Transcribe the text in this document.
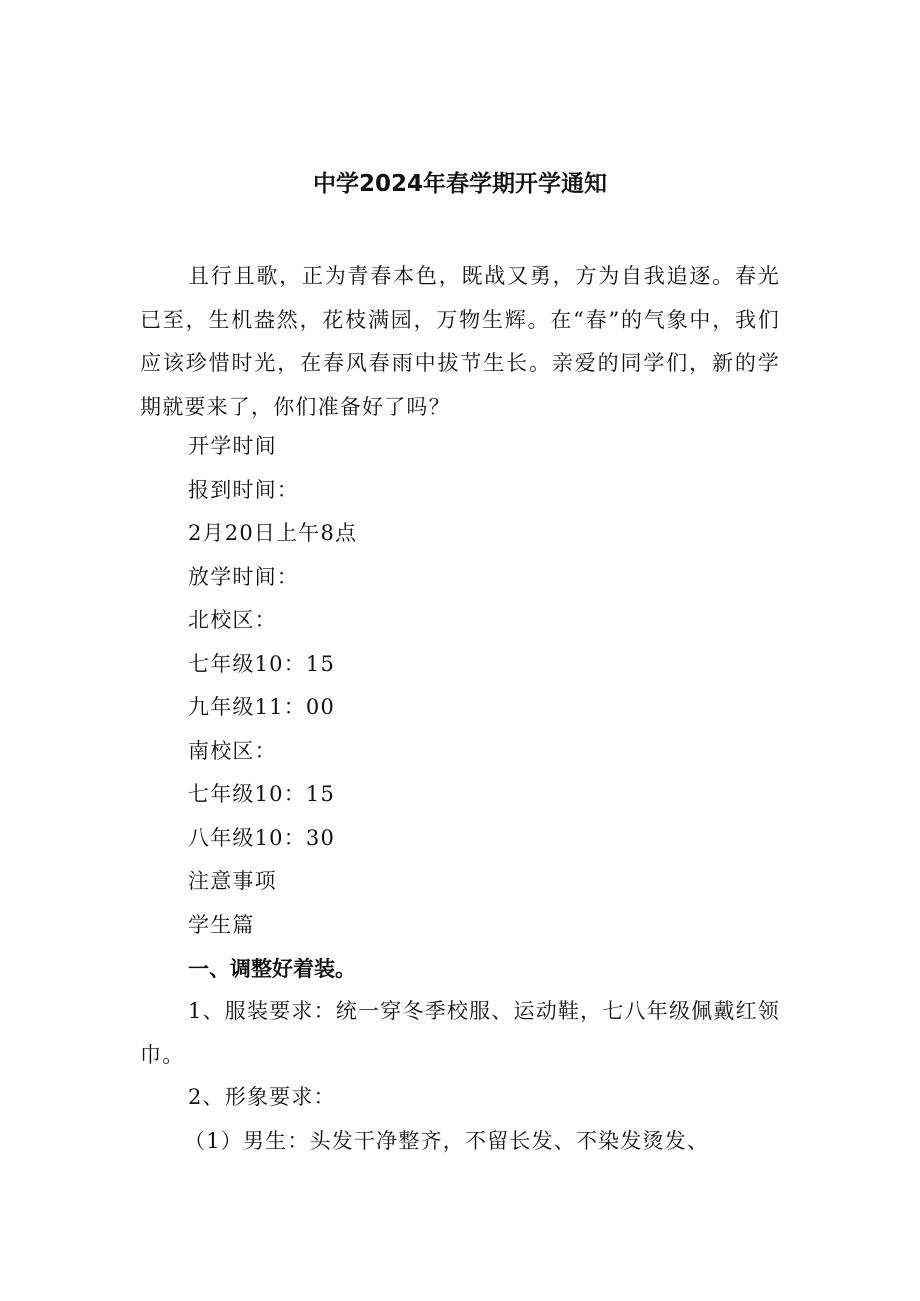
中学2024年春学期开学通知
且行且歌，正为青春本色，既战又勇，方为自我追逐。春光已至，生机盎然，花枝满园，万物生辉。在“春”的气象中，我们应该珍惜时光，在春风春雨中拔节生长。亲爱的同学们，新的学期就要来了，你们准备好了吗？
开学时间
报到时间：
2月20日上午8点
放学时间：
北校区：
七年级10：15
九年级11：00
南校区：
七年级10：15
八年级10：30
注意事项
学生篇
一、调整好着装。
1、服装要求：统一穿冬季校服、运动鞋，七八年级佩戴红领巾。
2、形象要求：
（1）男生：头发干净整齐，不留长发、不染发烫发、
